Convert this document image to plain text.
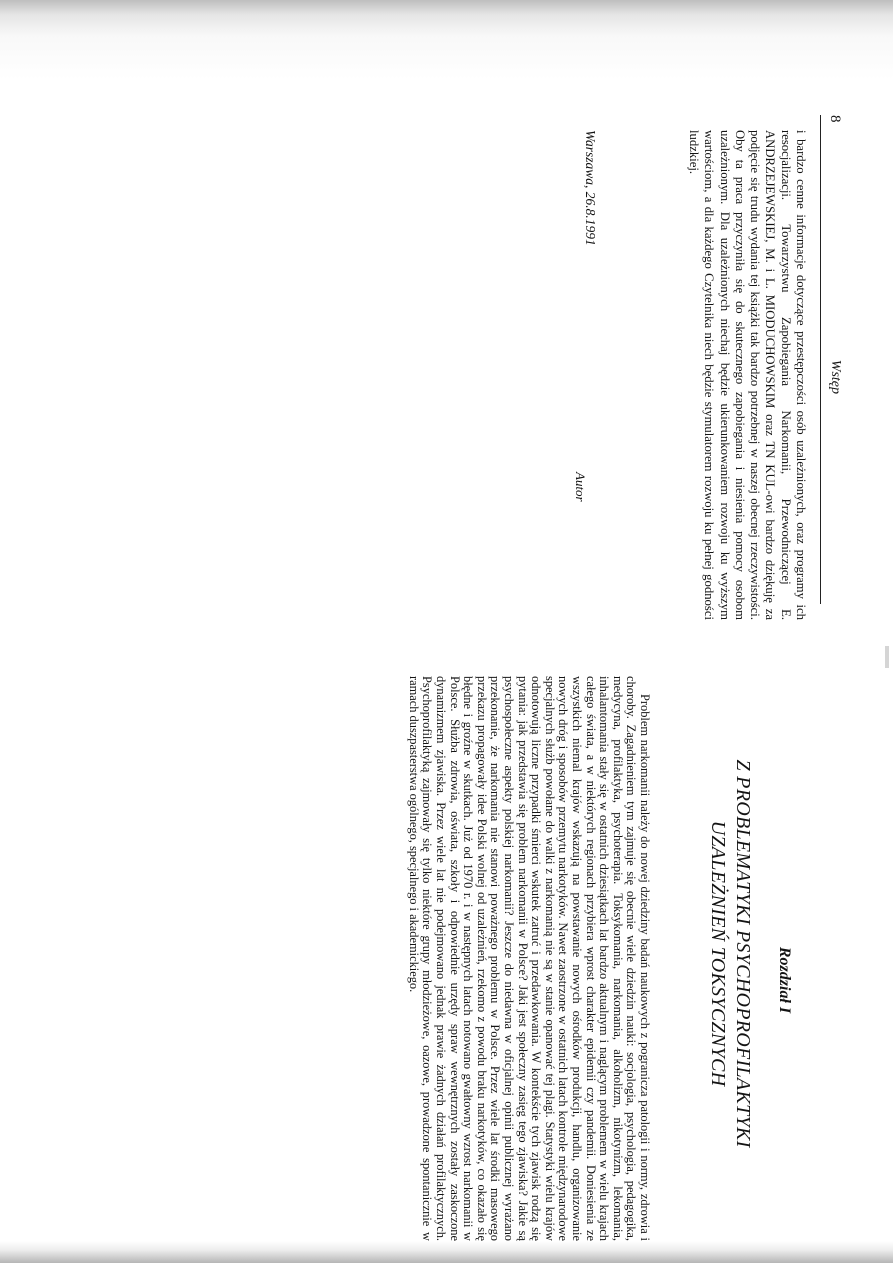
8
Wstęp

i bardzo cenne informacje dotyczące przestępczości osób uzależnionych, oraz programy ich resocjalizacji. Towarzystwu Zapobiegania Narkomanii, Przewodniczącej E. ANDRZEJEWSKIEJ, M. i L. MIODUCHOWSKIM oraz TN KUL-owi bardzo dziękuję za podjęcie się trudu wydania tej książki tak bardzo potrzebnej w naszej obecnej rzeczywistości. Oby ta praca przyczyniła się do skutecznego zapobiegania i niesienia pomocy osobom uzależnionym. Dla uzależnionych niechaj będzie ukierunkowaniem rozwoju ku wyższym wartościom, a dla każdego Czytelnika niech będzie stymulatorem rozwoju ku pełnej godności ludzkiej.

Autor
Warszawa, 26.8.1991
Rozdział I
Z PROBLEMATYKI PSYCHOPROFILAKTYKI
UZALEŻNIEŃ TOKSYCZNYCH

Problem narkomanii należy do nowej dziedziny badań naukowych z pogranicza patologii i normy, zdrowia i choroby. Zagadnieniem tym zajmuje się obecnie wiele dziedzin nauki: socjologia, psychologia, pedagogika, medycyna, profilaktyka, psychoterapia. Toksykomania, narkomania, alkoholizm, nikotynizm, lekomania, inhalantomania stały się w ostatnich dziesiątkach lat bardzo aktualnym i naglącym problemem w wielu krajach całego świata, a w niektórych regionach przybiera wprost charakter epidemii czy pandemii. Doniesienia ze wszystkich niemal krajów wskazują na powstawanie nowych ośrodków produkcji, handlu, organizowanie nowych dróg i sposobów przemytu narkotyków. Nawet zaostrzone w ostatnich latach kontrole międzynarodowe specjalnych służb powołane do walki z narkomanią nie są w stanie opanować tej plagi. Statystyki wielu krajów odnotowują liczne przypadki śmierci wskutek zatruć i przedawkowania. W kontekście tych zjawisk rodzą się pytania: jak przedstawia się problem narkomanii w Polsce? Jaki jest społeczny zasięg tego zjawiska? Jakie są psychospołeczne aspekty polskiej narkomanii? Jeszcze do niedawna w oficjalnej opinii publicznej wyrażano przekonanie, że narkomania nie stanowi poważnego problemu w Polsce. Przez wiele lat środki masowego przekazu propagowały idee Polski wolnej od uzależnień, rzekomo z powodu braku narkotyków, co okazało się błędne i groźne w skutkach. Już od 1970 r. i w następnych latach notowano gwałtowny wzrost narkomanii w Polsce. Służba zdrowia, oświata, szkoły i odpowiednie urzędy spraw wewnętrznych zostały zaskoczone dynamizmem zjawiska. Przez wiele lat nie podejmowano jednak prawie żadnych działań profilaktycznych. Psychoprofilaktyką zajmowały się tylko niektóre grupy młodzieżowe, oazowe, prowadzone spontanicznie w ramach duszpasterstwa ogólnego, specjalnego i akademickiego.
